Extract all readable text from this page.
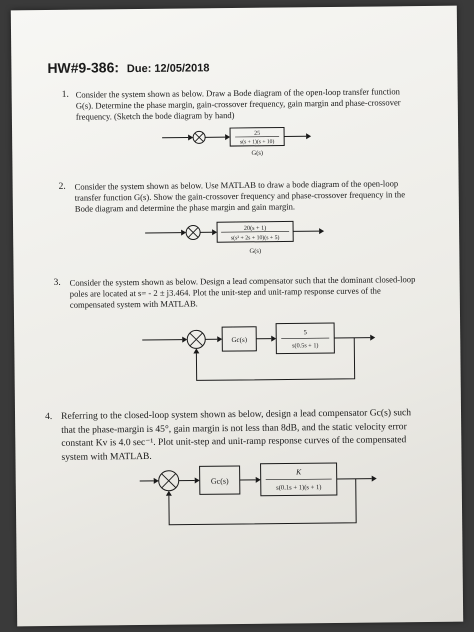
HW#9-386: Due: 12/05/2018
1. Consider the system shown as below. Draw a Bode diagram of the open-loop transfer function G(s). Determine the phase margin, gain-crossover frequency, gain margin and phase-crossover frequency. (Sketch the bode diagram by hand)
25
s(s + 1)(s + 10)
G(s)
2. Consider the system shown as below. Use MATLAB to draw a bode diagram of the open-loop transfer function G(s). Show the gain-crossover frequency and phase-crossover frequency in the Bode diagram and determine the phase margin and gain margin.
20(s + 1)
s(s² + 2s + 10)(s + 5)
G(s)
3. Consider the system shown as below. Design a lead compensator such that the dominant closed-loop poles are located at s= - 2 ± j3.464. Plot the unit-step and unit-ramp response curves of the compensated system with MATLAB.
Gc(s)
5
s(0.5s + 1)
4. Referring to the closed-loop system shown as below, design a lead compensator Gc(s) such that the phase-margin is 45°, gain margin is not less than 8dB, and the static velocity error constant Kv is 4.0 sec⁻¹. Plot unit-step and unit-ramp response curves of the compensated system with MATLAB.
Gc(s)
K
s(0.1s + 1)(s + 1)
